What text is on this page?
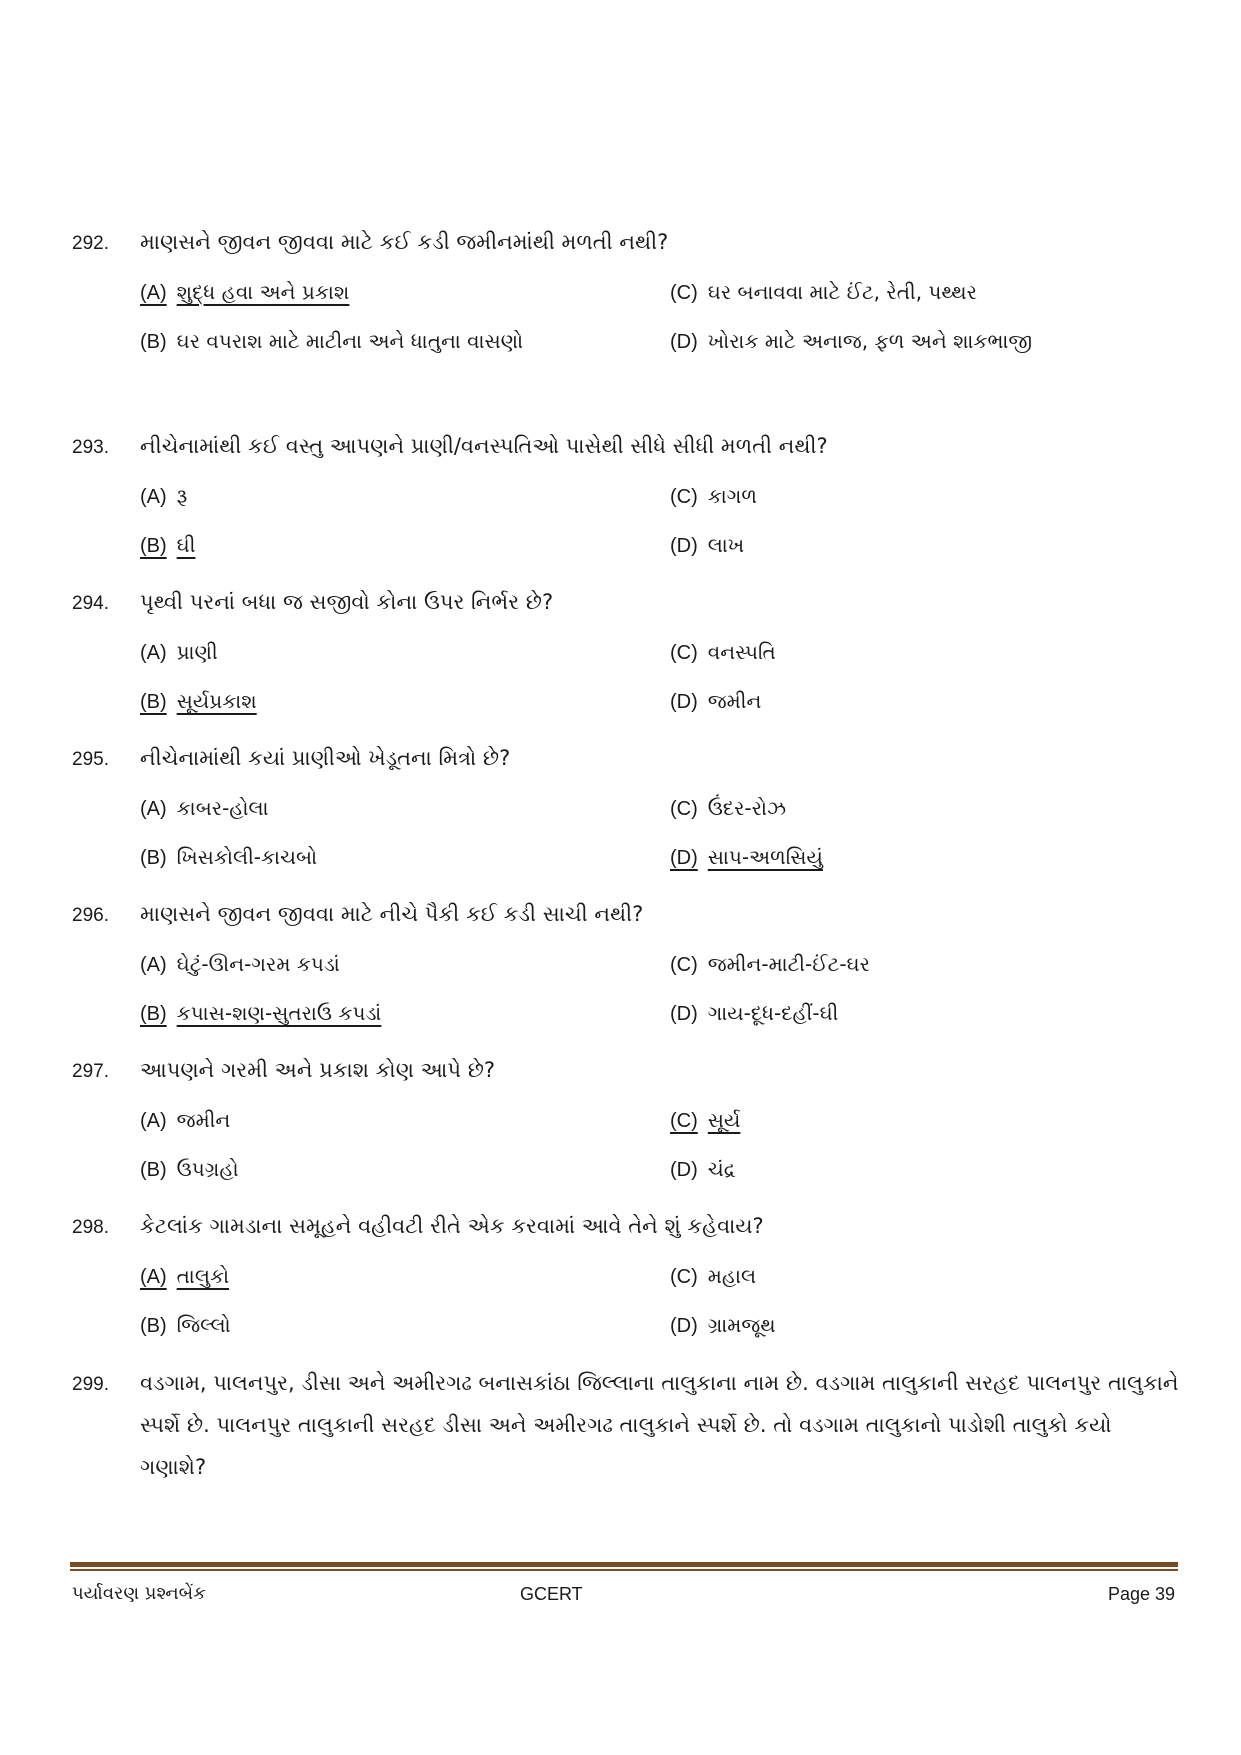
292.	માણસને જીવન જીવવા માટે કઈ કડી જમીનમાંથી મળતી નથી?
(A) શુદ્ધ હવા અને પ્રકાશ	(C) ઘર બનાવવા માટે ઈંટ, રેતી, પથ્થર
(B) ઘર વપરાશ માટે માટીના અને ધાતુના વાસણો	(D) ખોરાક માટે અનાજ, ફળ અને શાકભાજી
293.	નીચેનામાંથી કઈ વસ્તુ આપણને પ્રાણી/વનસ્પતિઓ પાસેથી સીધે સીધી મળતી નથી?
(A) રૂ	(C) કાગળ
(B) ઘી	(D) લાખ
294.	પૃથ્વી પરનાં બધા જ સજીવો કોના ઉપર નિર્ભર છે?
(A) પ્રાણી	(C) વનસ્પતિ
(B) સૂર્યપ્રકાશ	(D) જમીન
295.	નીચેનામાંથી કયાં પ્રાણીઓ ખેડૂતના મિત્રો છે?
(A) કાબર-હોલા	(C) ઉંદર-રોઝ
(B) ખિસકોલી-કાચબો	(D) સાપ-અળસિયું
296.	માણસને જીવન જીવવા માટે નીચે પૈકી કઈ કડી સાચી નથી?
(A) ઘેટું-ઊન-ગરમ કપડાં	(C) જમીન-માટી-ઈંટ-ઘર
(B) કપાસ-શણ-સુતરાઉ કપડાં	(D) ગાય-દૂધ-દહીં-ઘી
297.	આપણને ગરમી અને પ્રકાશ કોણ આપે છે?
(A) જમીન	(C) સૂર્ય
(B) ઉપગ્રહો	(D) ચંદ્ર
298.	કેટલાંક ગામડાના સમૂહને વહીવટી રીતે એક કરવામાં આવે તેને શું કહેવાય?
(A) તાલુકો	(C) મહાલ
(B) જિલ્લો	(D) ગ્રામજૂથ
299.	વડગામ, પાલનપુર, ડીસા અને અમીરગઢ બનાસકાંઠા જિલ્લાના તાલુકાના નામ છે. વડગામ તાલુકાની સરહદ પાલનપુર તાલુકાને સ્પર્શે છે. પાલનપુર તાલુકાની સરહદ ડીસા અને અમીરગઢ તાલુકાને સ્પર્શે છે. તો વડગામ તાલુકાનો પાડોશી તાલુકો કયો ગણાશે?
પર્યાવરણ પ્રશ્નબેંક	GCERT	Page 39
